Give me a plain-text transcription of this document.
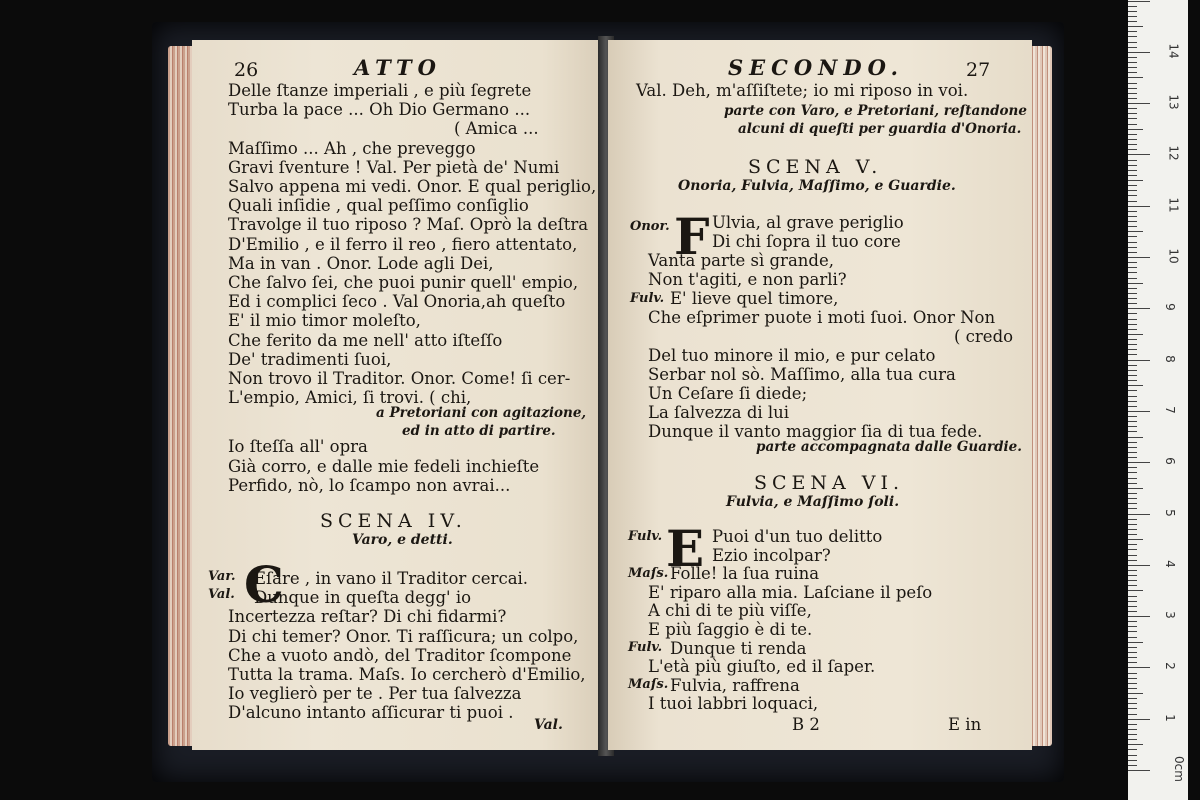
26	ATTO
Delle ſtanze imperiali , e più ſegrete
Turba la pace ... Oh Dio Germano ...
( Amica ...
Maſſimo ... Ah , che preveggo
Gravi ſventure ! Val. Per pietà de' Numi
Salvo appena mi vedi. Onor. E qual periglio,
Quali inſidie , qual peſſimo conſiglio
Travolge il tuo riposo ? Maſ. Oprò la deſtra
D'Emilio , e il ferro il reo , fiero attentato,
Ma in van . Onor. Lode agli Dei,
Che ſalvo ſei, che puoi punir quell' empio,
Ed i complici ſeco . Val Onoria,ah queſto
E' il mio timor moleſto,
Che ferito da me nell' atto iſteſſo
De' tradimenti ſuoi,
Non trovo il Traditor. Onor. Come! ſi cer-
L'empio, Amici, ſi trovi. ( chi,
a Pretoriani con agitazione,
ed in atto di partire.
Io ſteſſa all' opra
Già corro, e dalle mie fedeli inchieſte
Perfido, nò, lo ſcampo non avrai...
SCENA IV.
Varo, e detti.
Var.
Val. C
Eſare , in vano il Traditor cercai.
Dunque in queſta degg' io
Incertezza reſtar? Di chi fidarmi?
Di chi temer? Onor. Ti raſſicura; un colpo,
Che a vuoto andò, del Traditor ſcompone
Tutta la trama. Maſs. Io cercherò d'Emilio,
Io veglierò per te . Per tua ſalvezza
D'alcuno intanto aſſicurar ti puoi .
Val.
SECONDO.	27
Val. Deh, m'aſſiſtete; io mi riposo in voi.
parte con Varo, e Pretoriani, reſtandone
alcuni di queſti per guardia d'Onoria.
SCENA V.
Onoria, Fulvia, Maſſimo, e Guardie.
Onor. F Ulvia, al grave periglio
Di chi ſopra il tuo core
Vanta parte sì grande,
Non t'agiti, e non parli?
Fulv. E' lieve quel timore,
Che eſprimer puote i moti ſuoi. Onor Non
( credo
Del tuo minore il mio, e pur celato
Serbar nol sò. Maſſimo, alla tua cura
Un Ceſare ſi diede;
La ſalvezza di lui
Dunque il vanto maggior ſia di tua fede.
parte accompagnata dalle Guardie.
SCENA VI.
Fulvia, e Maſſimo ſoli.
E Puoi d'un tuo delitto
Ezio incolpar?
Folle! la ſua ruina
E' riparo alla mia. Laſciane il peſo
A chi di te più viſſe,
E più ſaggio è di te.
Dunque ti renda
L'età più giuſto, ed il ſaper.
Fulvia, raffrena
I tuoi labbri loquaci,
B 2	E in
Fulv.
Maſs.
Fulv.
Maſs.
0cm
1
2
3
4
5
6
7
8
9
10
11
12
13
14
